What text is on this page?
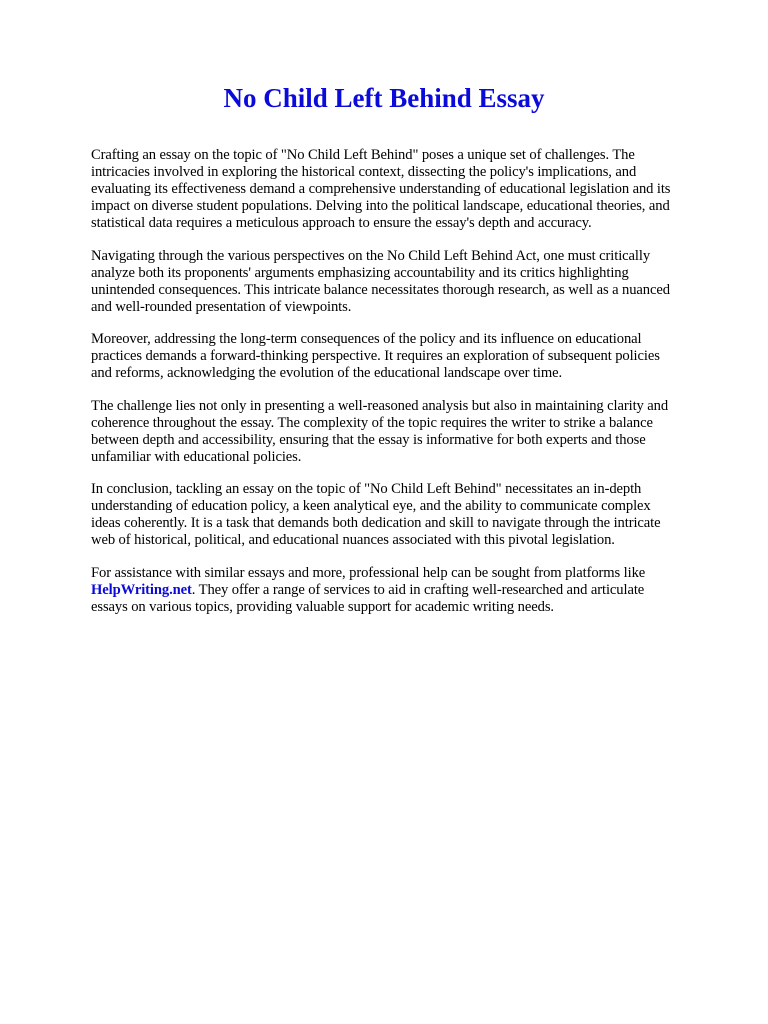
No Child Left Behind Essay

Crafting an essay on the topic of "No Child Left Behind" poses a unique set of challenges. The
intricacies involved in exploring the historical context, dissecting the policy's implications, and
evaluating its effectiveness demand a comprehensive understanding of educational legislation and its
impact on diverse student populations. Delving into the political landscape, educational theories, and
statistical data requires a meticulous approach to ensure the essay's depth and accuracy.

Navigating through the various perspectives on the No Child Left Behind Act, one must critically
analyze both its proponents' arguments emphasizing accountability and its critics highlighting
unintended consequences. This intricate balance necessitates thorough research, as well as a nuanced
and well-rounded presentation of viewpoints.

Moreover, addressing the long-term consequences of the policy and its influence on educational
practices demands a forward-thinking perspective. It requires an exploration of subsequent policies
and reforms, acknowledging the evolution of the educational landscape over time.

The challenge lies not only in presenting a well-reasoned analysis but also in maintaining clarity and
coherence throughout the essay. The complexity of the topic requires the writer to strike a balance
between depth and accessibility, ensuring that the essay is informative for both experts and those
unfamiliar with educational policies.

In conclusion, tackling an essay on the topic of "No Child Left Behind" necessitates an in-depth
understanding of education policy, a keen analytical eye, and the ability to communicate complex
ideas coherently. It is a task that demands both dedication and skill to navigate through the intricate
web of historical, political, and educational nuances associated with this pivotal legislation.

For assistance with similar essays and more, professional help can be sought from platforms like
HelpWriting.net. They offer a range of services to aid in crafting well-researched and articulate
essays on various topics, providing valuable support for academic writing needs.
